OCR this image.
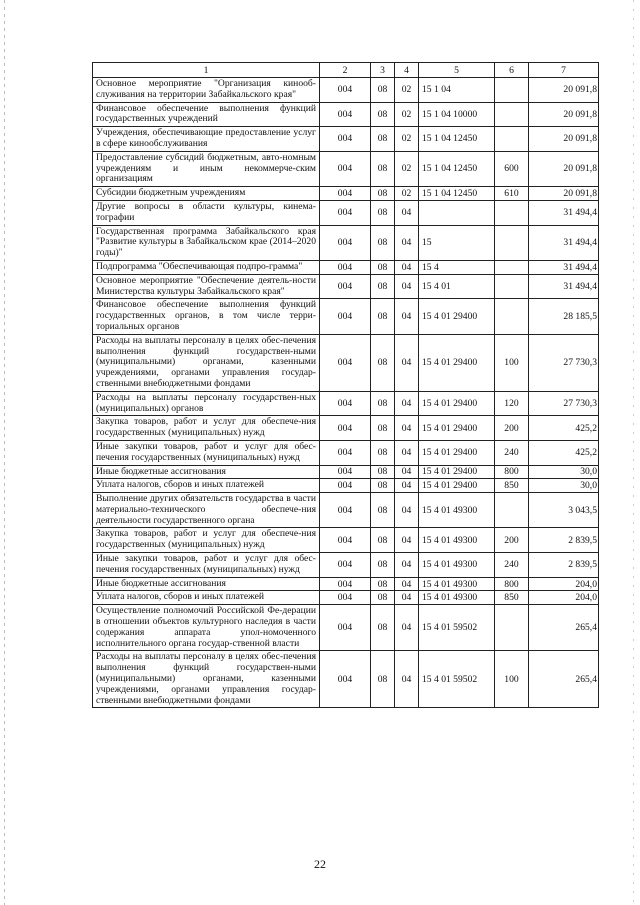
1	2	3	4	5	6	7
Основное мероприятие "Организация кинооб-служивания на территории Забайкальского края"	004	08	02	15 1 04		20 091,8
Финансовое обеспечение выполнения функций государственных учреждений	004	08	02	15 1 04 10000		20 091,8
Учреждения, обеспечивающие предоставление услуг в сфере кинообслуживания	004	08	02	15 1 04 12450		20 091,8
Предоставление субсидий бюджетным, авто-номным учреждениям и иным некоммерче-ским организациям	004	08	02	15 1 04 12450	600	20 091,8
Субсидии бюджетным учреждениям	004	08	02	15 1 04 12450	610	20 091,8
Другие вопросы в области культуры, кинема-тографии	004	08	04			31 494,4
Государственная программа Забайкальского края "Развитие культуры в Забайкальском крае (2014–2020 годы)"	004	08	04	15		31 494,4
Подпрограмма "Обеспечивающая подпро-грамма"	004	08	04	15 4		31 494,4
Основное мероприятие "Обеспечение деятель-ности Министерства культуры Забайкальского края"	004	08	04	15 4 01		31 494,4
Финансовое обеспечение выполнения функций государственных органов, в том числе терри-ториальных органов	004	08	04	15 4 01 29400		28 185,5
Расходы на выплаты персоналу в целях обес-печения выполнения функций государствен-ными (муниципальными) органами, казенными учреждениями, органами управления государ-ственными внебюджетными фондами	004	08	04	15 4 01 29400	100	27 730,3
Расходы на выплаты персоналу государствен-ных (муниципальных) органов	004	08	04	15 4 01 29400	120	27 730,3
Закупка товаров, работ и услуг для обеспече-ния государственных (муниципальных) нужд	004	08	04	15 4 01 29400	200	425,2
Иные закупки товаров, работ и услуг для обес-печения государственных (муниципальных) нужд	004	08	04	15 4 01 29400	240	425,2
Иные бюджетные ассигнования	004	08	04	15 4 01 29400	800	30,0
Уплата налогов, сборов и иных платежей	004	08	04	15 4 01 29400	850	30,0
Выполнение других обязательств государства в части материально-технического обеспече-ния деятельности государственного органа	004	08	04	15 4 01 49300		3 043,5
Закупка товаров, работ и услуг для обеспече-ния государственных (муниципальных) нужд	004	08	04	15 4 01 49300	200	2 839,5
Иные закупки товаров, работ и услуг для обес-печения государственных (муниципальных) нужд	004	08	04	15 4 01 49300	240	2 839,5
Иные бюджетные ассигнования	004	08	04	15 4 01 49300	800	204,0
Уплата налогов, сборов и иных платежей	004	08	04	15 4 01 49300	850	204,0
Осуществление полномочий Российской Фе-дерации в отношении объектов культурного наследия в части содержания аппарата упол-номоченного исполнительного органа государ-ственной власти	004	08	04	15 4 01 59502		265,4
Расходы на выплаты персоналу в целях обес-печения выполнения функций государствен-ными (муниципальными) органами, казенными учреждениями, органами управления государ-ственными внебюджетными фондами	004	08	04	15 4 01 59502	100	265,4
22
